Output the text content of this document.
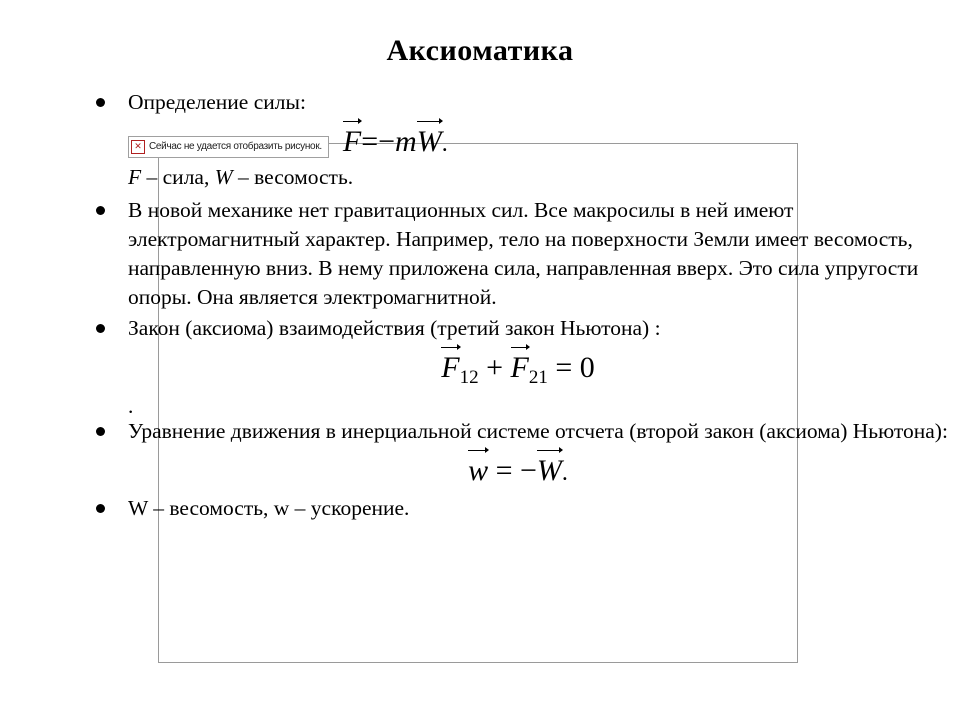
Аксиоматика
Определение силы:
✕ Сейчас не удается отобразить рисунок. F=−mW.
F – сила, W – весомость.
В новой механике нет гравитационных сил. Все макросилы в ней имеют электромагнитный характер. Например, тело на поверхности Земли имеет весомость, направленную вниз. В нему приложена сила, направленная вверх. Это сила упругости опоры. Она является электромагнитной.
Закон (аксиома) взаимодействия (третий закон Ньютона) :
$F_{12} + F_{21} = 0$
.
Уравнение движения в инерциальной системе отсчета (второй закон (аксиома) Ньютона):
w = −W.
W – весомость, w – ускорение.
